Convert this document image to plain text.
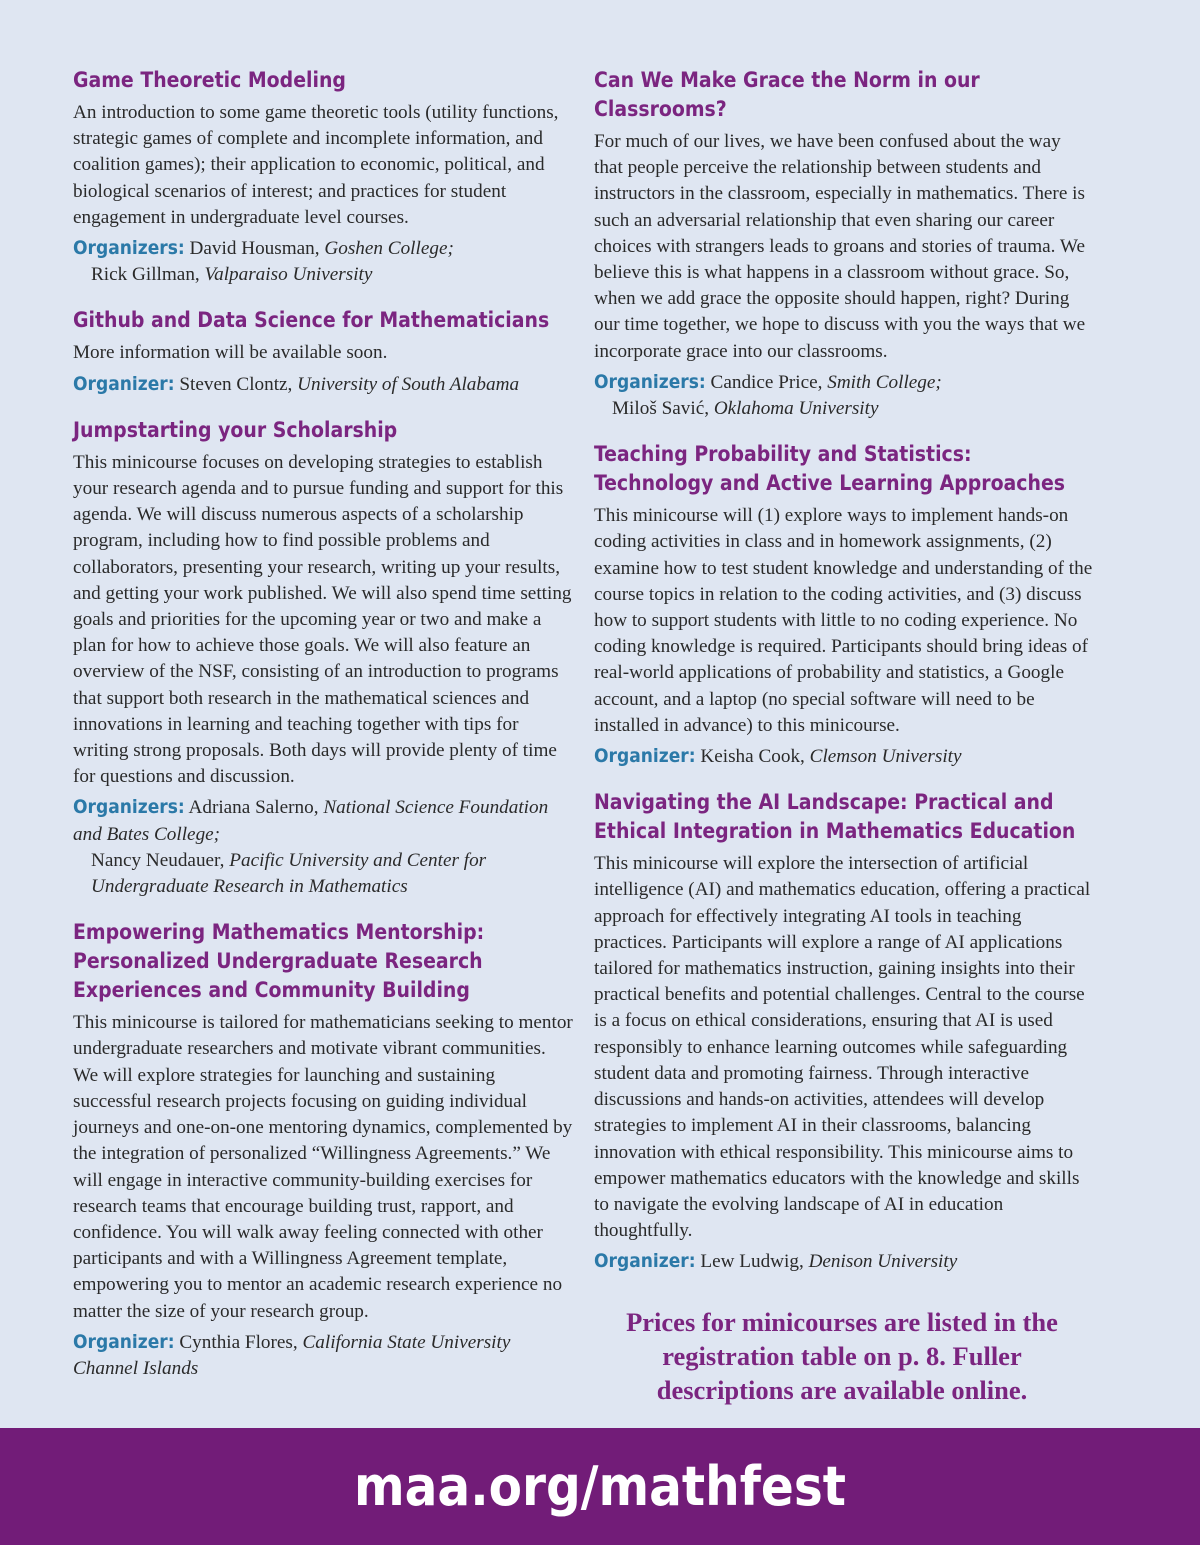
Game Theoretic Modeling

An introduction to some game theoretic tools (utility functions, strategic games of complete and incomplete information, and coalition games); their application to economic, political, and biological scenarios of interest; and practices for student engagement in undergraduate level courses.

Organizers: David Housman, Goshen College;
Rick Gillman, Valparaiso University

Github and Data Science for Mathematicians

More information will be available soon.

Organizer: Steven Clontz, University of South Alabama

Jumpstarting your Scholarship

This minicourse focuses on developing strategies to establish your research agenda and to pursue funding and support for this agenda. We will discuss numerous aspects of a scholarship program, including how to find possible problems and collaborators, presenting your research, writing up your results, and getting your work published. We will also spend time setting goals and priorities for the upcoming year or two and make a plan for how to achieve those goals. We will also feature an overview of the NSF, consisting of an introduction to programs that support both research in the mathematical sciences and innovations in learning and teaching together with tips for writing strong proposals. Both days will provide plenty of time for questions and discussion.

Organizers: Adriana Salerno, National Science Foundation and Bates College;
Nancy Neudauer, Pacific University and Center for Undergraduate Research in Mathematics

Empowering Mathematics Mentorship: Personalized Undergraduate Research Experiences and Community Building

This minicourse is tailored for mathematicians seeking to mentor undergraduate researchers and motivate vibrant communities. We will explore strategies for launching and sustaining successful research projects focusing on guiding individual journeys and one-on-one mentoring dynamics, complemented by the integration of personalized “Willingness Agreements.” We will engage in interactive community-building exercises for research teams that encourage building trust, rapport, and confidence. You will walk away feeling connected with other participants and with a Willingness Agreement template, empowering you to mentor an academic research experience no matter the size of your research group.

Organizer: Cynthia Flores, California State University Channel Islands

Can We Make Grace the Norm in our Classrooms?

For much of our lives, we have been confused about the way that people perceive the relationship between students and instructors in the classroom, especially in mathematics. There is such an adversarial relationship that even sharing our career choices with strangers leads to groans and stories of trauma. We believe this is what happens in a classroom without grace. So, when we add grace the opposite should happen, right? During our time together, we hope to discuss with you the ways that we incorporate grace into our classrooms.

Organizers: Candice Price, Smith College;
Miloš Savić, Oklahoma University

Teaching Probability and Statistics: Technology and Active Learning Approaches

This minicourse will (1) explore ways to implement hands-on coding activities in class and in homework assignments, (2) examine how to test student knowledge and understanding of the course topics in relation to the coding activities, and (3) discuss how to support students with little to no coding experience. No coding knowledge is required. Participants should bring ideas of real-world applications of probability and statistics, a Google account, and a laptop (no special software will need to be installed in advance) to this minicourse.

Organizer: Keisha Cook, Clemson University

Navigating the AI Landscape: Practical and Ethical Integration in Mathematics Education

This minicourse will explore the intersection of artificial intelligence (AI) and mathematics education, offering a practical approach for effectively integrating AI tools in teaching practices. Participants will explore a range of AI applications tailored for mathematics instruction, gaining insights into their practical benefits and potential challenges. Central to the course is a focus on ethical considerations, ensuring that AI is used responsibly to enhance learning outcomes while safeguarding student data and promoting fairness. Through interactive discussions and hands-on activities, attendees will develop strategies to implement AI in their classrooms, balancing innovation with ethical responsibility. This minicourse aims to empower mathematics educators with the knowledge and skills to navigate the evolving landscape of AI in education thoughtfully.

Organizer: Lew Ludwig, Denison University

Prices for minicourses are listed in the registration table on p. 8. Fuller descriptions are available online.
maa.org/mathfest
